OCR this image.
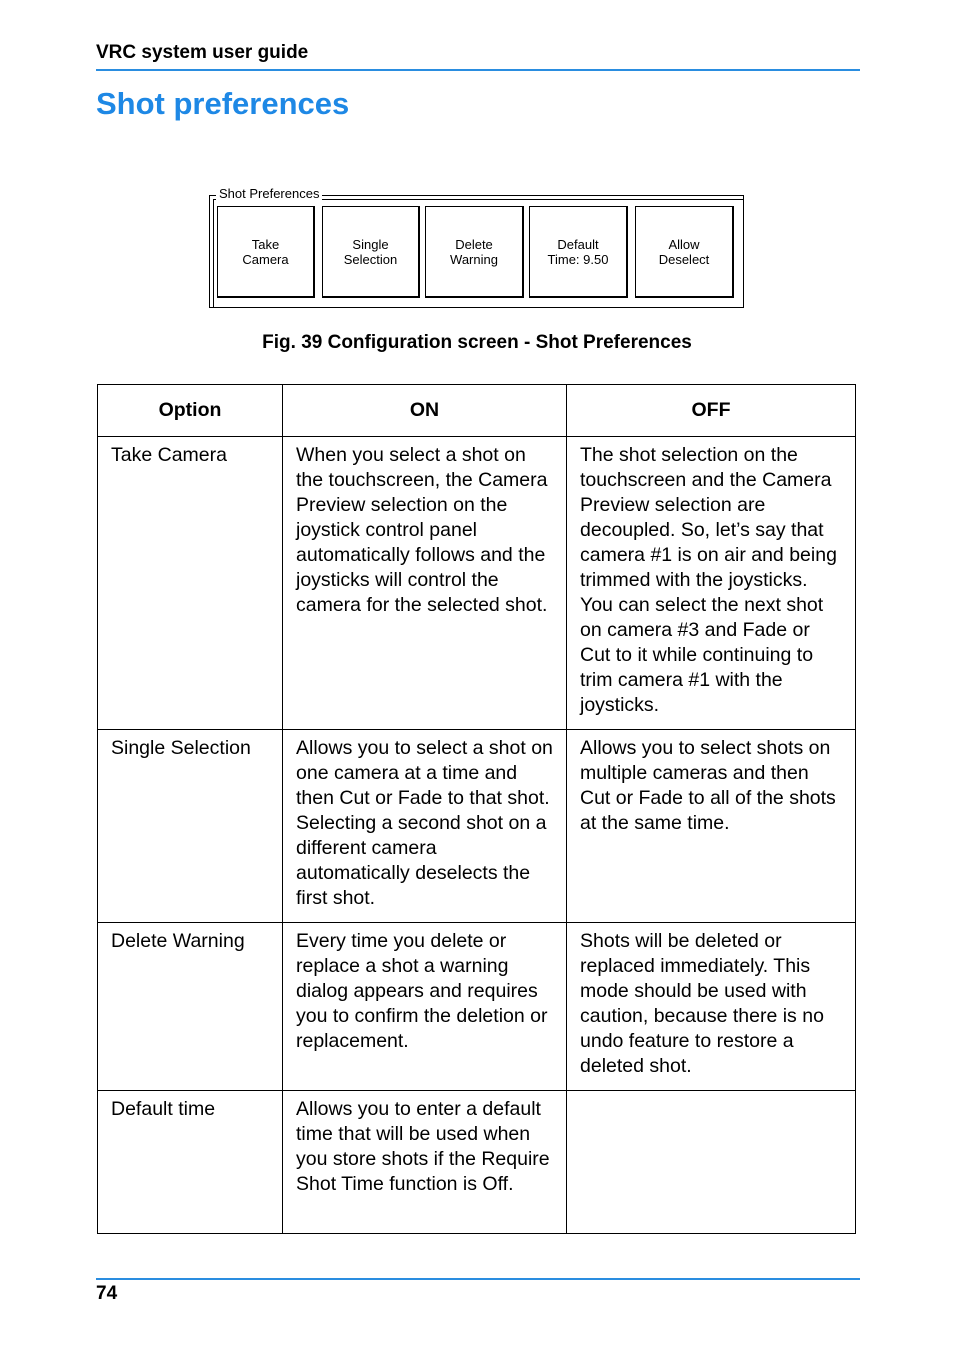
VRC system user guide
Shot preferences
Shot Preferences
Take
Camera
Single
Selection
Delete
Warning
Default
Time: 9.50
Allow
Deselect
Fig. 39 Configuration screen - Shot Preferences
Option	ON	OFF
Take Camera	When you select a shot on the touchscreen, the Camera Preview selection on the joystick control panel automatically follows and the joysticks will control the camera for the selected shot.	The shot selection on the touchscreen and the Camera Preview selection are decoupled. So, let’s say that camera #1 is on air and being trimmed with the joysticks. You can select the next shot on camera #3 and Fade or Cut to it while continuing to trim camera #1 with the joysticks.
Single Selection	Allows you to select a shot on one camera at a time and then Cut or Fade to that shot. Selecting a second shot on a different camera automatically deselects the first shot.	Allows you to select shots on multiple cameras and then Cut or Fade to all of the shots at the same time.
Delete Warning	Every time you delete or replace a shot a warning dialog appears and requires you to confirm the deletion or replacement.	Shots will be deleted or replaced immediately. This mode should be used with caution, because there is no undo feature to restore a deleted shot.
Default time	Allows you to enter a default time that will be used when you store shots if the Require Shot Time function is Off.	
74
